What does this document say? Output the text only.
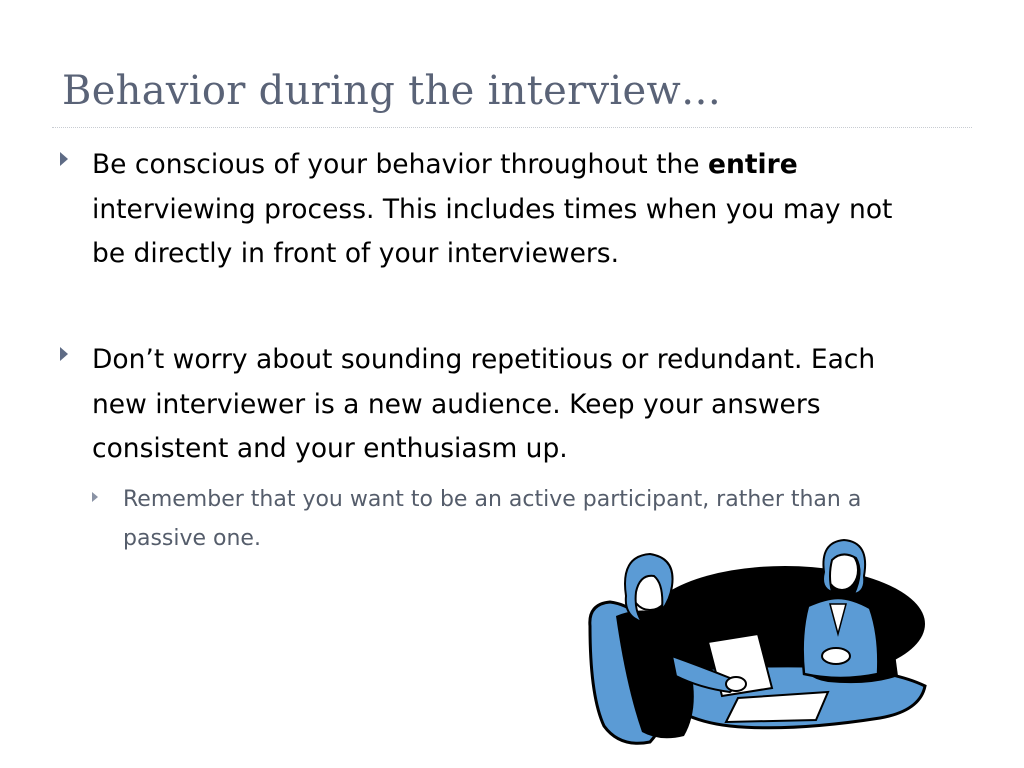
Behavior during the interview…
Be conscious of your behavior throughout the entire interviewing process. This includes times when you may not be directly in front of your interviewers.
Don’t worry about sounding repetitious or redundant. Each new interviewer is a new audience. Keep your answers consistent and your enthusiasm up.
Remember that you want to be an active participant, rather than a passive one.
